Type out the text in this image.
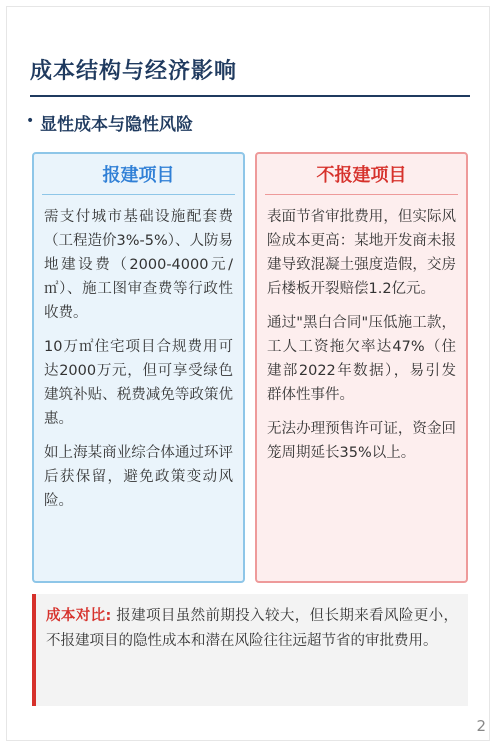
成本结构与经济影响
• 显性成本与隐性风险
报建项目

需支付城市基础设施配套费（工程造价3%-5%）、人防易地建设费（2000-4000元/㎡）、施工图审查费等行政性收费。

10万㎡住宅项目合规费用可达2000万元，但可享受绿色建筑补贴、税费减免等政策优惠。

如上海某商业综合体通过环评后获保留，避免政策变动风险。

不报建项目

表面节省审批费用，但实际风险成本更高：某地开发商未报建导致混凝土强度造假，交房后楼板开裂赔偿1.2亿元。

通过"黑白合同"压低施工款，工人工资拖欠率达47%（住建部2022年数据），易引发群体性事件。

无法办理预售许可证，资金回笼周期延长35%以上。

成本对比: 报建项目虽然前期投入较大，但长期来看风险更小，不报建项目的隐性成本和潜在风险往往远超节省的审批费用。
2
